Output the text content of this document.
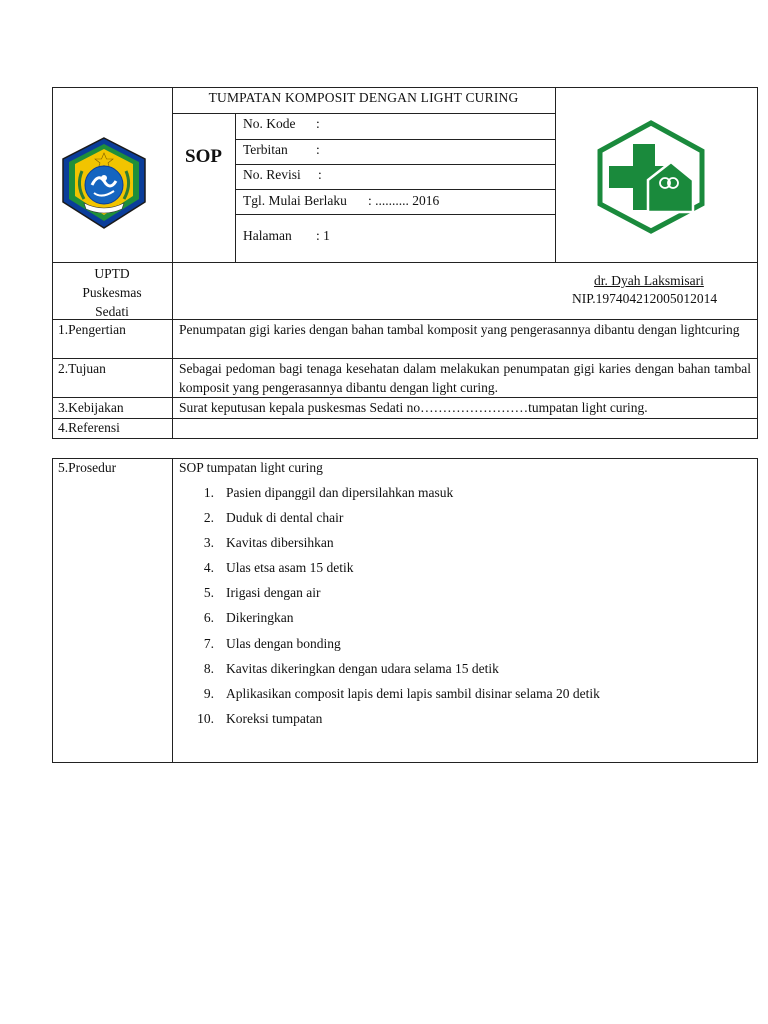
TUMPATAN KOMPOSIT DENGAN LIGHT CURING
SOP
No. Kode :
Terbitan :
No. Revisi :
Tgl. Mulai Berlaku : .......... 2016
Halaman : 1
UPTD
Puskesmas
Sedati
dr. Dyah Laksmisari
NIP.197404212005012014
1.Pengertian	Penumpatan gigi karies dengan bahan tambal komposit yang pengerasannya dibantu dengan lightcuring
2.Tujuan	Sebagai pedoman bagi tenaga kesehatan dalam melakukan penumpatan gigi karies dengan bahan tambal komposit yang pengerasannya dibantu dengan light curing.
3.Kebijakan	Surat keputusan kepala puskesmas Sedati no……………………tumpatan light curing.
4.Referensi
5.Prosedur	SOP tumpatan light curing
1. Pasien dipanggil dan dipersilahkan masuk
2. Duduk di dental chair
3. Kavitas dibersihkan
4. Ulas etsa asam 15 detik
5. Irigasi dengan air
6. Dikeringkan
7. Ulas dengan bonding
8. Kavitas dikeringkan dengan udara selama 15 detik
9. Aplikasikan composit lapis demi lapis sambil disinar selama 20 detik
10. Koreksi tumpatan
